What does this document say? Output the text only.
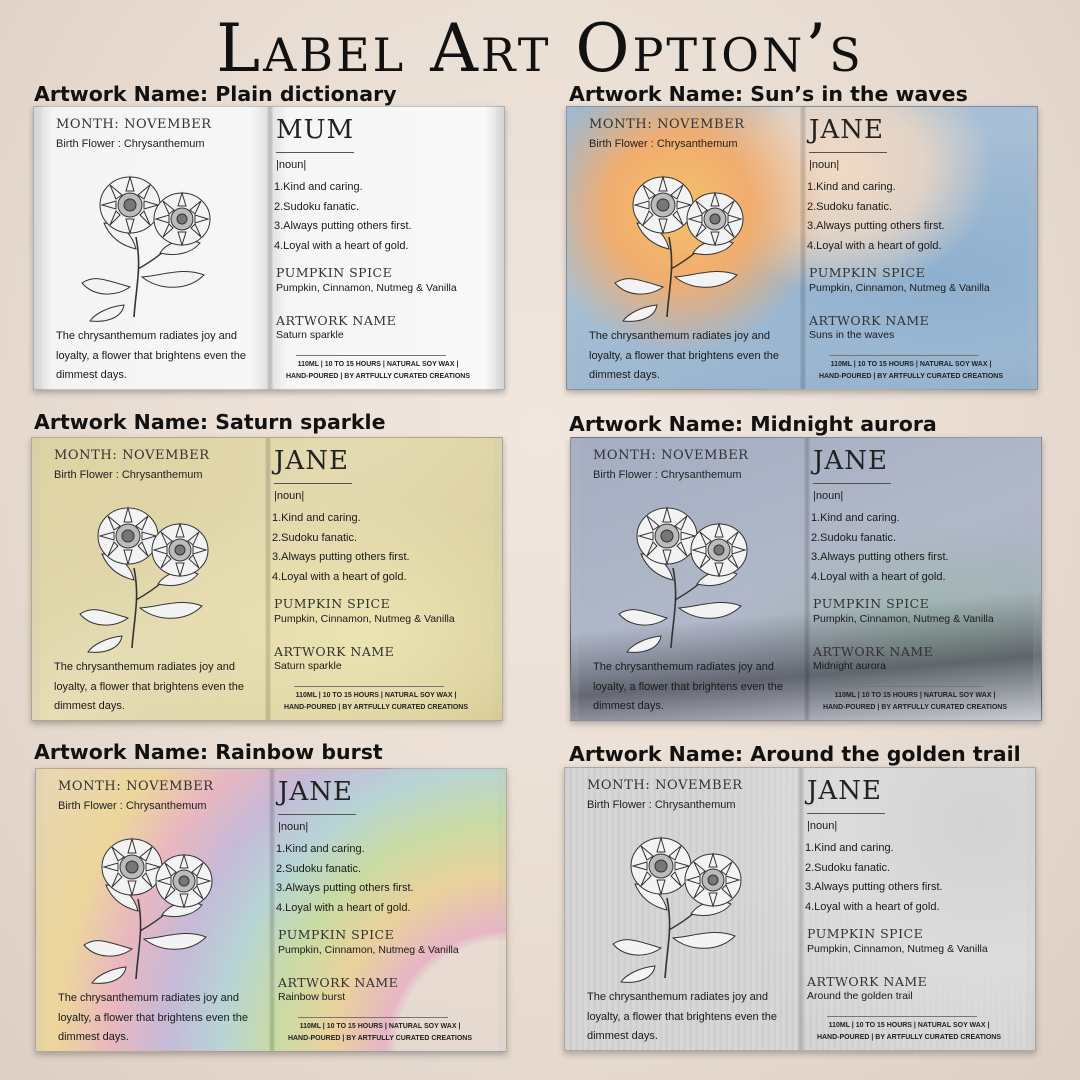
Label Art Option’s
Artwork Name: Plain dictionary
MONTH: NOVEMBER
Birth Flower : Chrysanthemum
The chrysanthemum radiates joy and loyalty, a flower that brightens even the dimmest days.
MUM
|noun|
1.Kind and caring.
2.Sudoku fanatic.
3.Always putting others first.
4.Loyal with a heart of gold.
PUMPKIN SPICE
Pumpkin, Cinnamon, Nutmeg & Vanilla
ARTWORK NAME
Saturn sparkle
110ML | 10 TO 15 HOURS | NATURAL SOY WAX |
HAND-POURED | BY ARTFULLY CURATED CREATIONS
Artwork Name: Sun’s in the waves
MONTH: NOVEMBER
Birth Flower : Chrysanthemum
The chrysanthemum radiates joy and loyalty, a flower that brightens even the dimmest days.
JANE
|noun|
1.Kind and caring.
2.Sudoku fanatic.
3.Always putting others first.
4.Loyal with a heart of gold.
PUMPKIN SPICE
Pumpkin, Cinnamon, Nutmeg & Vanilla
ARTWORK NAME
Suns in the waves
110ML | 10 TO 15 HOURS | NATURAL SOY WAX |
HAND-POURED | BY ARTFULLY CURATED CREATIONS
Artwork Name: Saturn sparkle
MONTH: NOVEMBER
Birth Flower : Chrysanthemum
The chrysanthemum radiates joy and loyalty, a flower that brightens even the dimmest days.
JANE
|noun|
1.Kind and caring.
2.Sudoku fanatic.
3.Always putting others first.
4.Loyal with a heart of gold.
PUMPKIN SPICE
Pumpkin, Cinnamon, Nutmeg & Vanilla
ARTWORK NAME
Saturn sparkle
110ML | 10 TO 15 HOURS | NATURAL SOY WAX |
HAND-POURED | BY ARTFULLY CURATED CREATIONS
Artwork Name: Midnight aurora
MONTH: NOVEMBER
Birth Flower : Chrysanthemum
The chrysanthemum radiates joy and loyalty, a flower that brightens even the dimmest days.
JANE
|noun|
1.Kind and caring.
2.Sudoku fanatic.
3.Always putting others first.
4.Loyal with a heart of gold.
PUMPKIN SPICE
Pumpkin, Cinnamon, Nutmeg & Vanilla
ARTWORK NAME
Midnight aurora
110ML | 10 TO 15 HOURS | NATURAL SOY WAX |
HAND-POURED | BY ARTFULLY CURATED CREATIONS
Artwork Name: Rainbow burst
MONTH: NOVEMBER
Birth Flower : Chrysanthemum
The chrysanthemum radiates joy and loyalty, a flower that brightens even the dimmest days.
JANE
|noun|
1.Kind and caring.
2.Sudoku fanatic.
3.Always putting others first.
4.Loyal with a heart of gold.
PUMPKIN SPICE
Pumpkin, Cinnamon, Nutmeg & Vanilla
ARTWORK NAME
Rainbow burst
110ML | 10 TO 15 HOURS | NATURAL SOY WAX |
HAND-POURED | BY ARTFULLY CURATED CREATIONS
Artwork Name: Around the golden trail
MONTH: NOVEMBER
Birth Flower : Chrysanthemum
The chrysanthemum radiates joy and loyalty, a flower that brightens even the dimmest days.
JANE
|noun|
1.Kind and caring.
2.Sudoku fanatic.
3.Always putting others first.
4.Loyal with a heart of gold.
PUMPKIN SPICE
Pumpkin, Cinnamon, Nutmeg & Vanilla
ARTWORK NAME
Around the golden trail
110ML | 10 TO 15 HOURS | NATURAL SOY WAX |
HAND-POURED | BY ARTFULLY CURATED CREATIONS
